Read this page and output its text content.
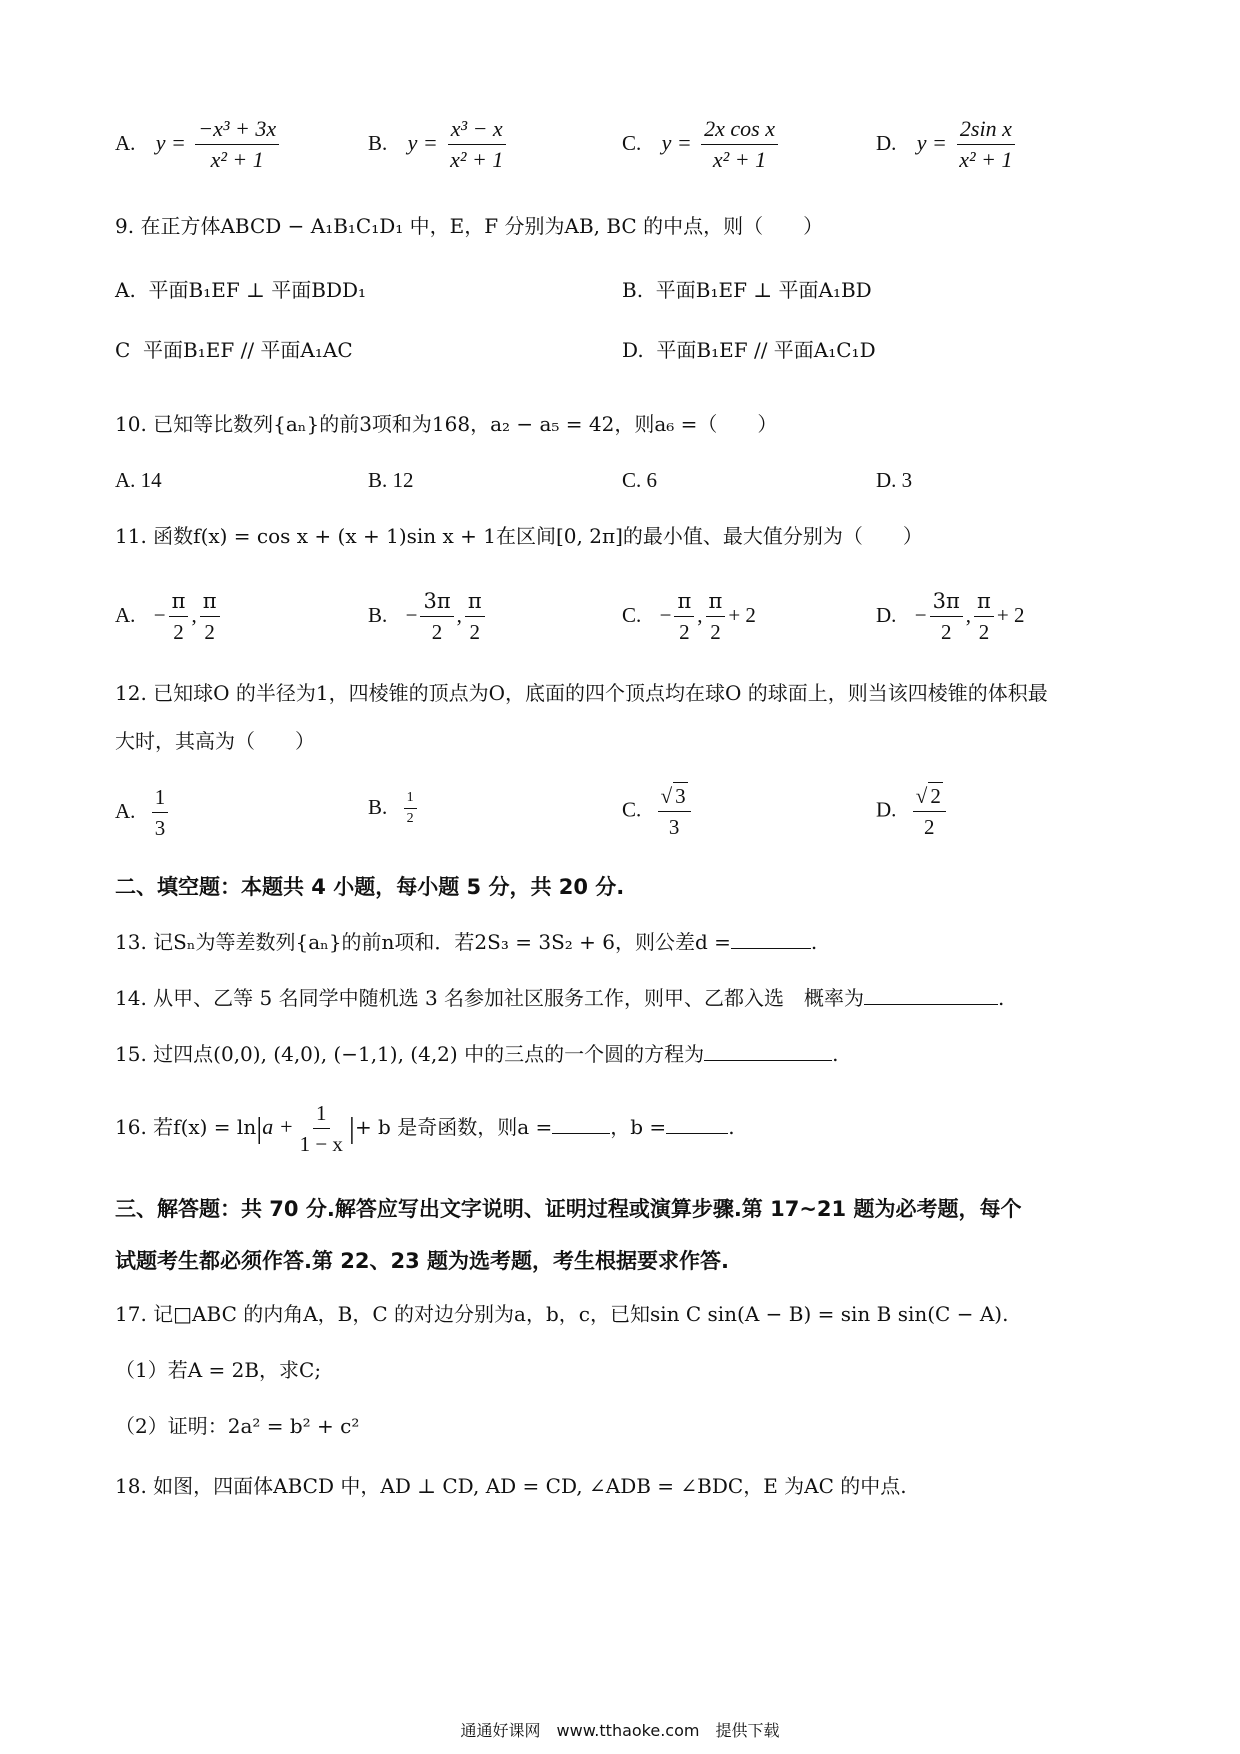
A. $y = \frac{\text{−x³ + 3x}}{\text{x² + 1}}$	B. $y = \frac{\text{x³ − x}}{\text{x² + 1}}$	C. $y = \frac{\text{2x cos x}}{\text{x² + 1}}$	D. $y = \frac{\text{2sin x}}{\text{x² + 1}}$
9. 在正方体ABCD − A₁B₁C₁D₁ 中，E，F 分别为AB, BC 的中点，则（　　）
A. 平面B₁EF ⊥ 平面BDD₁	B. 平面B₁EF ⊥ 平面A₁BD
C 平面B₁EF // 平面A₁AC	D. 平面B₁EF // 平面A₁C₁D
10. 已知等比数列{aₙ}的前3项和为168，a₂ − a₅ = 42，则a₆ =（　　）
A. 14	B. 12	C. 6	D. 3
11. 函数f(x) = cos x + (x + 1)sin x + 1在区间[0, 2π]的最小值、最大值分别为（　　）
A. − $\frac{\pi}{2}$ , $\frac{\pi}{2}$	B. − $\frac{3\pi}{2}$ , $\frac{\pi}{2}$	C. − $\frac{\pi}{2}$ , $\frac{\pi}{2} + 2$	D. − $\frac{3\pi}{2}$ , $\frac{\pi}{2} + 2$
12. 已知球O 的半径为1，四棱锥的顶点为O，底面的四个顶点均在球O 的球面上，则当该四棱锥的体积最
大时，其高为（　　）
A. $\frac{1}{3}$	B. $\frac{1}{2}$	C. $\frac{√ 3}{3}$	D. $\frac{√ 2}{2}$
二、填空题：本题共 4 小题，每小题 5 分，共 20 分.
13. 记Sₙ为等差数列{aₙ}的前n项和．若2S₃ = 3S₂ + 6，则公差d =	.
14. 从甲、乙等 5 名同学中随机选 3 名参加社区服务工作，则甲、乙都入选　概率为	.
15. 过四点(0,0), (4,0), (−1,1), (4,2) 中的三点的一个圆的方程为	.
16. 若$f(x) = \ln|a + \frac{1}{1 - x}$ |+ b 是奇函数，则a =	，b =	.
三、解答题：共 70 分.解答应写出文字说明、证明过程或演算步骤.第 17~21 题为必考题，每个
试题考生都必须作答.第 22、23 题为选考题，考生根据要求作答.
17. 记□ABC 的内角A，B，C 的对边分别为a，b，c，已知sin C sin(A − B) = sin B sin(C − A).
（1）若A = 2B，求C;
（2）证明：2a² = b² + c²
18. 如图，四面体ABCD 中，AD ⊥ CD, AD = CD, ∠ADB = ∠BDC，E 为AC 的中点.
通通好课网　www.tthaoke.com　提供下载
